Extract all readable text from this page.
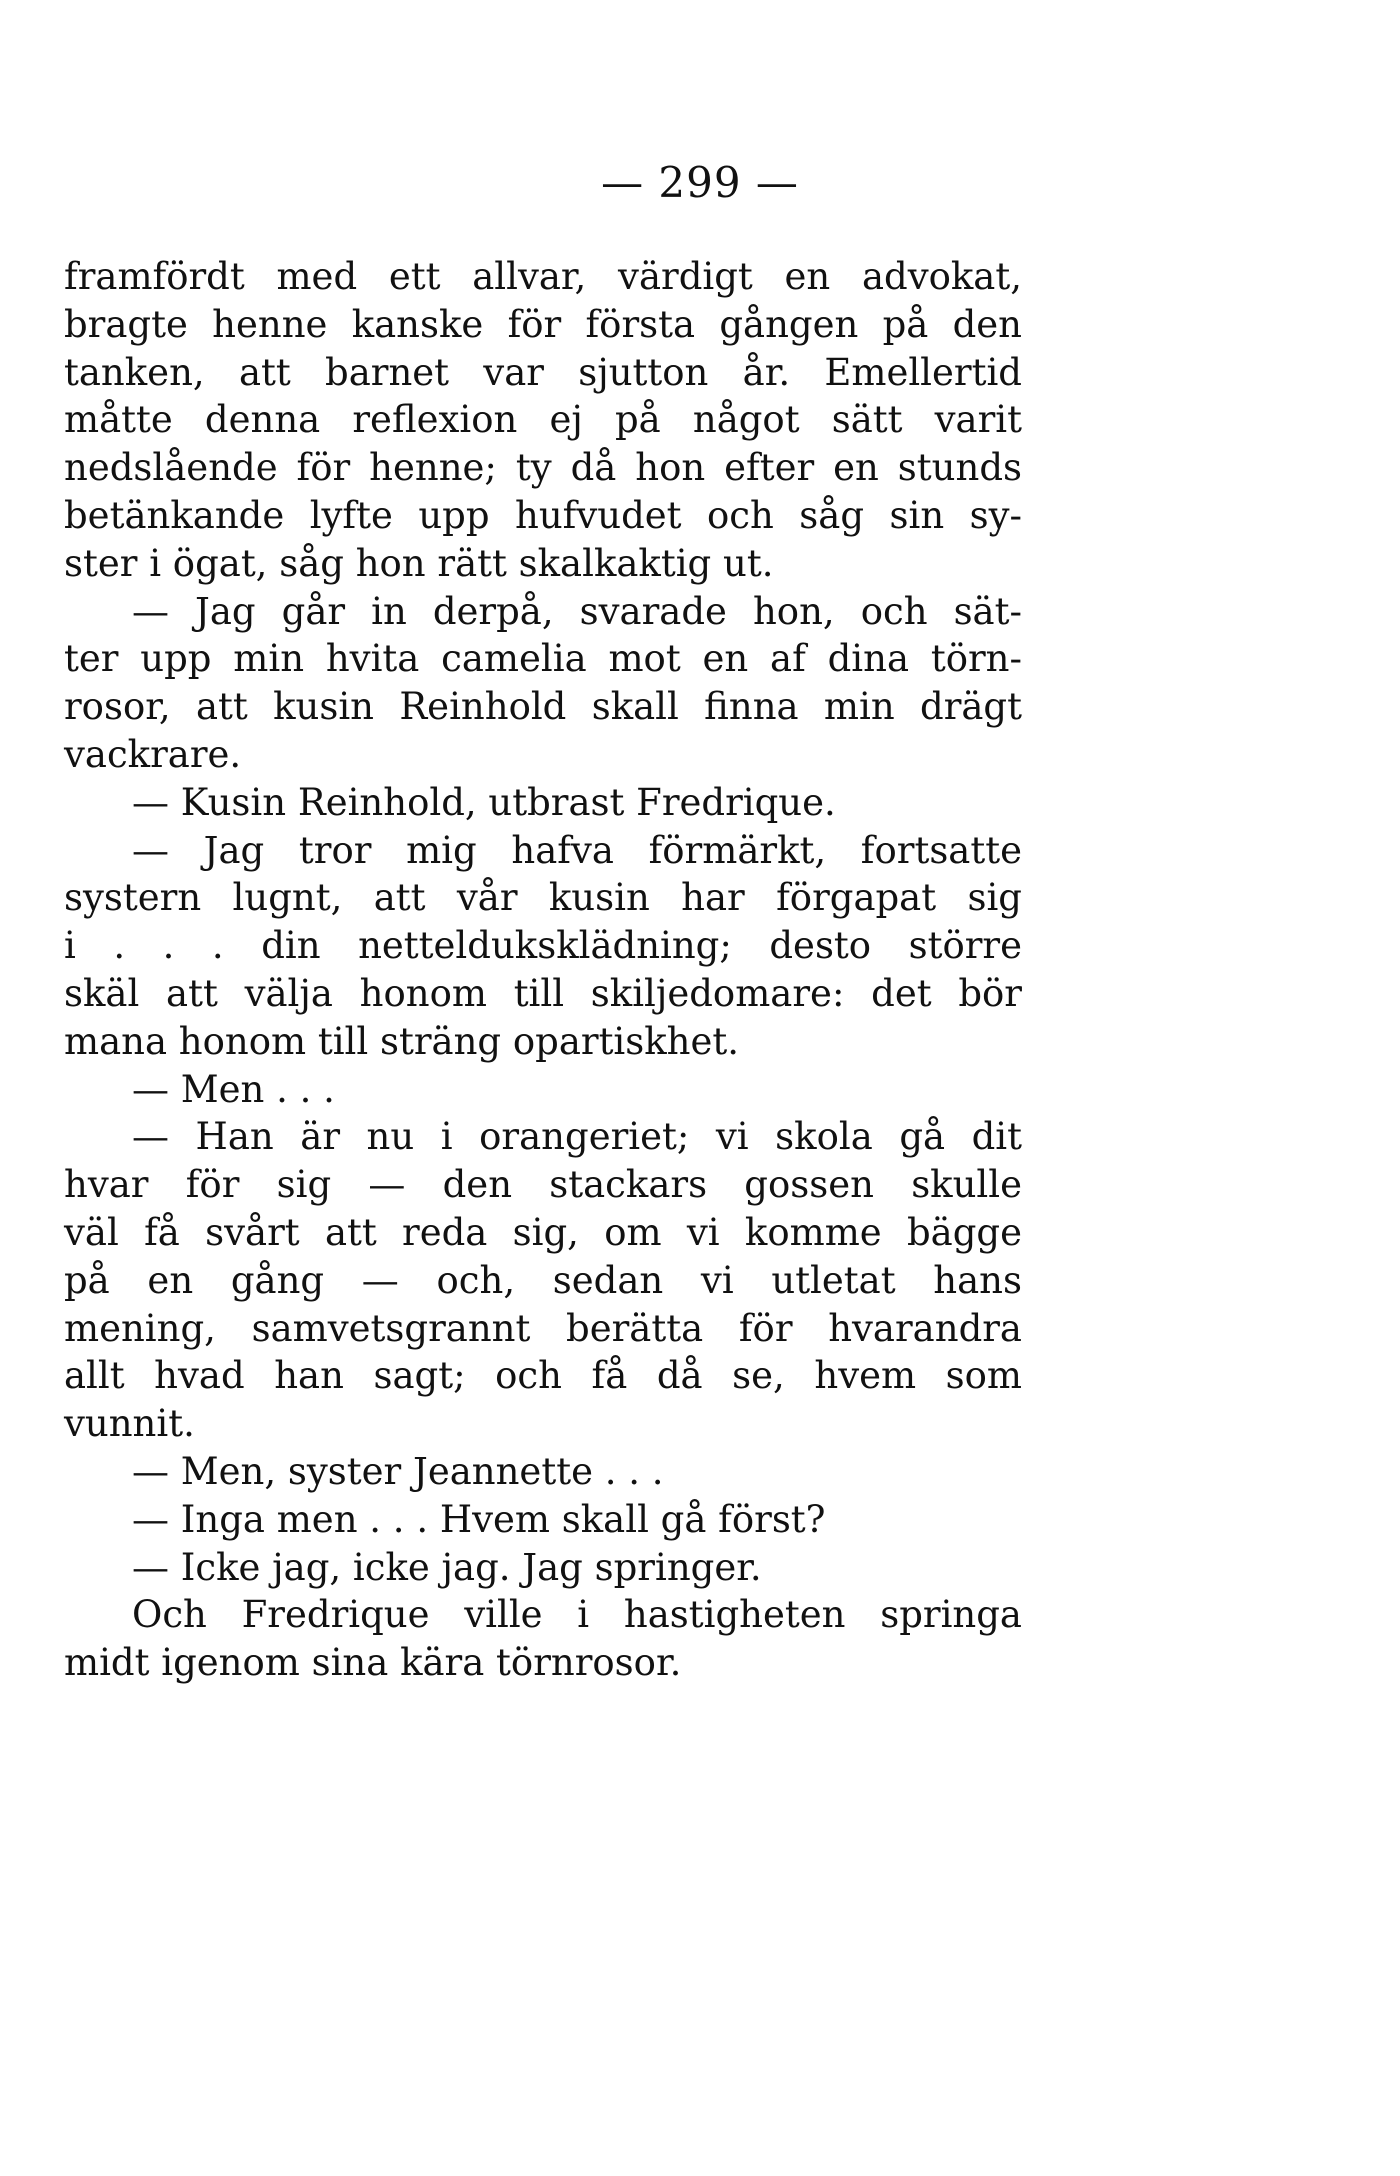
— 299 —
framfördt med ett allvar, värdigt en advokat,
bragte henne kanske för första gången på den
tanken, att barnet var sjutton år. Emellertid
måtte denna reflexion ej på något sätt varit
nedslående för henne; ty då hon efter en stunds
betänkande lyfte upp hufvudet och såg sin sy-
ster i ögat, såg hon rätt skalkaktig ut.
— Jag går in derpå, svarade hon, och sät-
ter upp min hvita camelia mot en af dina törn-
rosor, att kusin Reinhold skall finna min drägt
vackrare.
— Kusin Reinhold, utbrast Fredrique.
— Jag tror mig hafva förmärkt, fortsatte
systern lugnt, att vår kusin har förgapat sig
i . . . din nettelduksklädning; desto större
skäl att välja honom till skiljedomare: det bör
mana honom till sträng opartiskhet.
— Men . . .
— Han är nu i orangeriet; vi skola gå dit
hvar för sig — den stackars gossen skulle
väl få svårt att reda sig, om vi komme bägge
på en gång — och, sedan vi utletat hans
mening, samvetsgrannt berätta för hvarandra
allt hvad han sagt; och få då se, hvem som
vunnit.
— Men, syster Jeannette . . .
— Inga men . . . Hvem skall gå först?
— Icke jag, icke jag. Jag springer.
Och Fredrique ville i hastigheten springa
midt igenom sina kära törnrosor.
